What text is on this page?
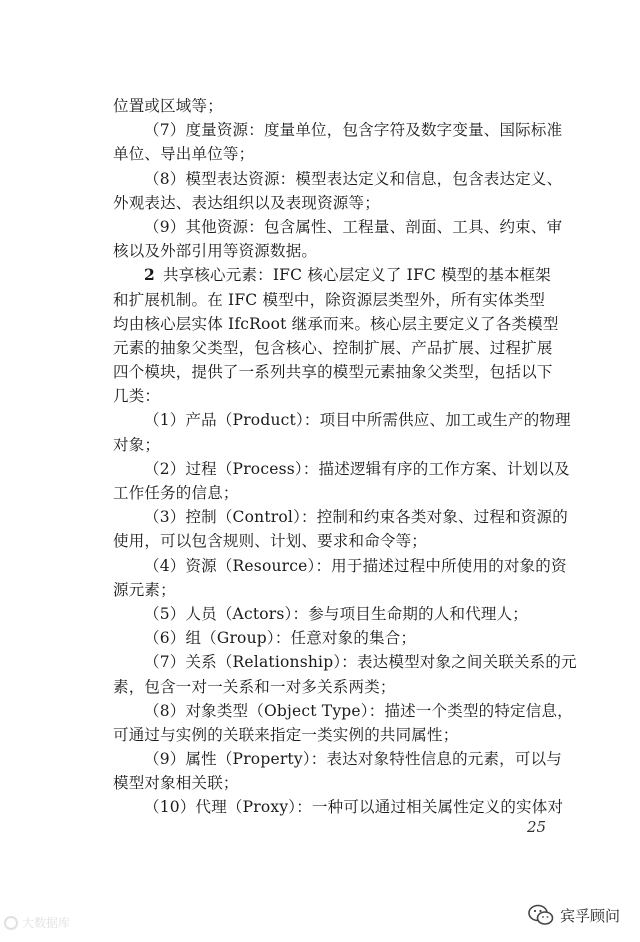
位置或区域等；
（7）度量资源：度量单位，包含字符及数字变量、国际标准
单位、导出单位等；
（8）模型表达资源：模型表达定义和信息，包含表达定义、
外观表达、表达组织以及表现资源等；
（9）其他资源：包含属性、工程量、剖面、工具、约束、审
核以及外部引用等资源数据。
2  共享核心元素：IFC 核心层定义了 IFC 模型的基本框架
和扩展机制。在 IFC 模型中，除资源层类型外，所有实体类型
均由核心层实体 IfcRoot 继承而来。核心层主要定义了各类模型
元素的抽象父类型，包含核心、控制扩展、产品扩展、过程扩展
四个模块，提供了一系列共享的模型元素抽象父类型，包括以下
几类：
（1）产品（Product）：项目中所需供应、加工或生产的物理
对象；
（2）过程（Process）：描述逻辑有序的工作方案、计划以及
工作任务的信息；
（3）控制（Control）：控制和约束各类对象、过程和资源的
使用，可以包含规则、计划、要求和命令等；
（4）资源（Resource）：用于描述过程中所使用的对象的资
源元素；
（5）人员（Actors）：参与项目生命期的人和代理人；
（6）组（Group）：任意对象的集合；
（7）关系（Relationship）：表达模型对象之间关联关系的元
素，包含一对一关系和一对多关系两类；
（8）对象类型（Object Type）：描述一个类型的特定信息，
可通过与实例的关联来指定一类实例的共同属性；
（9）属性（Property）：表达对象特性信息的元素，可以与
模型对象相关联；
（10）代理（Proxy）：一种可以通过相关属性定义的实体对
25
大数据库	宾孚顾问
